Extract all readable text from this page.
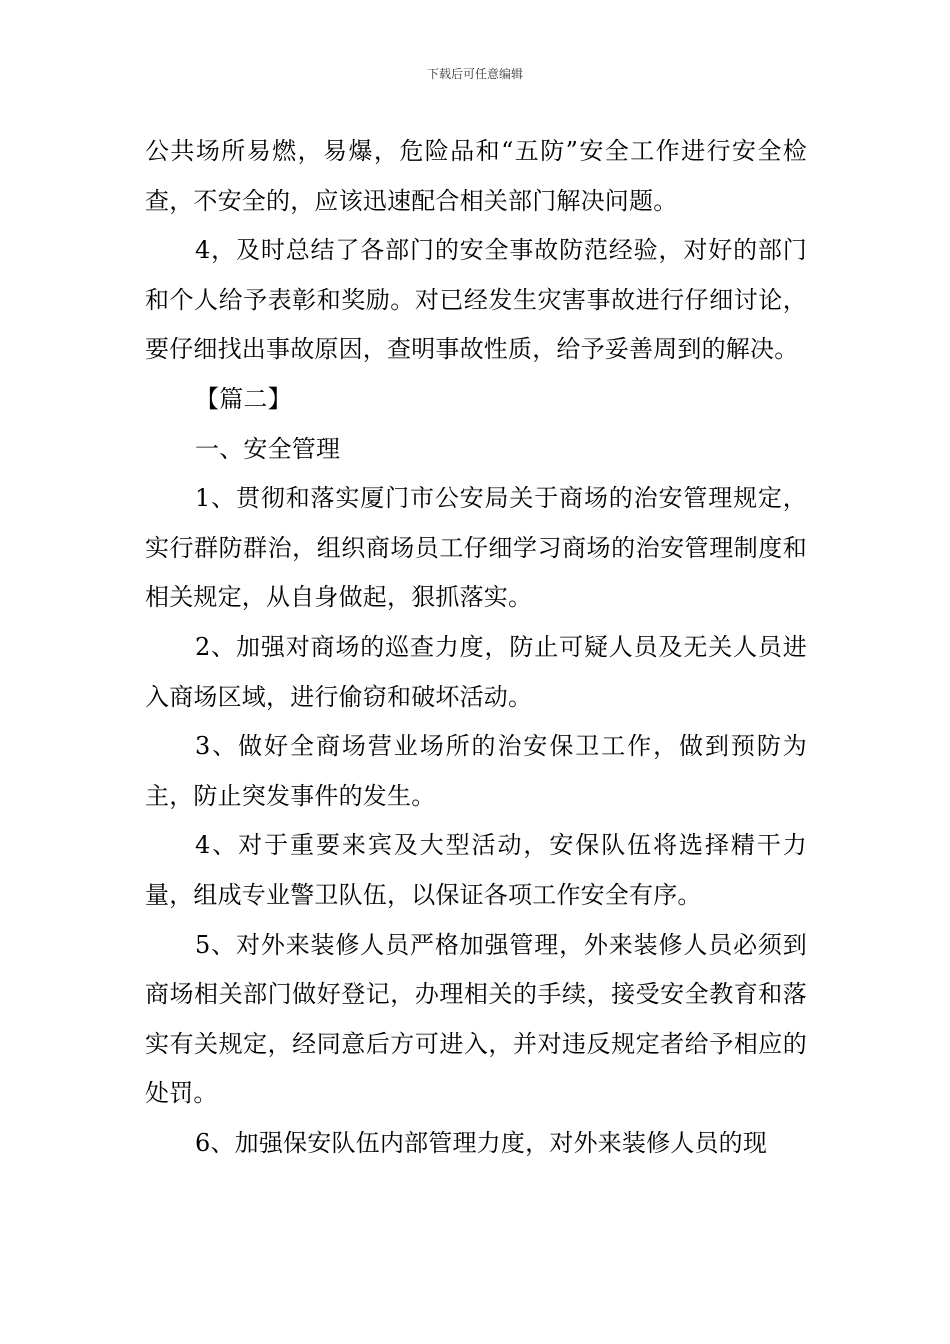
下载后可任意编辑

公共场所易燃，易爆，危险品和“五防”安全工作进行安全检查，不安全的，应该迅速配合相关部门解决问题。

4，及时总结了各部门的安全事故防范经验，对好的部门和个人给予表彰和奖励。对已经发生灾害事故进行仔细讨论，要仔细找出事故原因，查明事故性质，给予妥善周到的解决。

【篇二】

一、安全管理

1、贯彻和落实厦门市公安局关于商场的治安管理规定，实行群防群治，组织商场员工仔细学习商场的治安管理制度和相关规定，从自身做起，狠抓落实。

2、加强对商场的巡查力度，防止可疑人员及无关人员进入商场区域，进行偷窃和破坏活动。

3、做好全商场营业场所的治安保卫工作，做到预防为主，防止突发事件的发生。

4、对于重要来宾及大型活动，安保队伍将选择精干力量，组成专业警卫队伍，以保证各项工作安全有序。

5、对外来装修人员严格加强管理，外来装修人员必须到商场相关部门做好登记，办理相关的手续，接受安全教育和落实有关规定，经同意后方可进入，并对违反规定者给予相应的处罚。

6、加强保安队伍内部管理力度，对外来装修人员的现
